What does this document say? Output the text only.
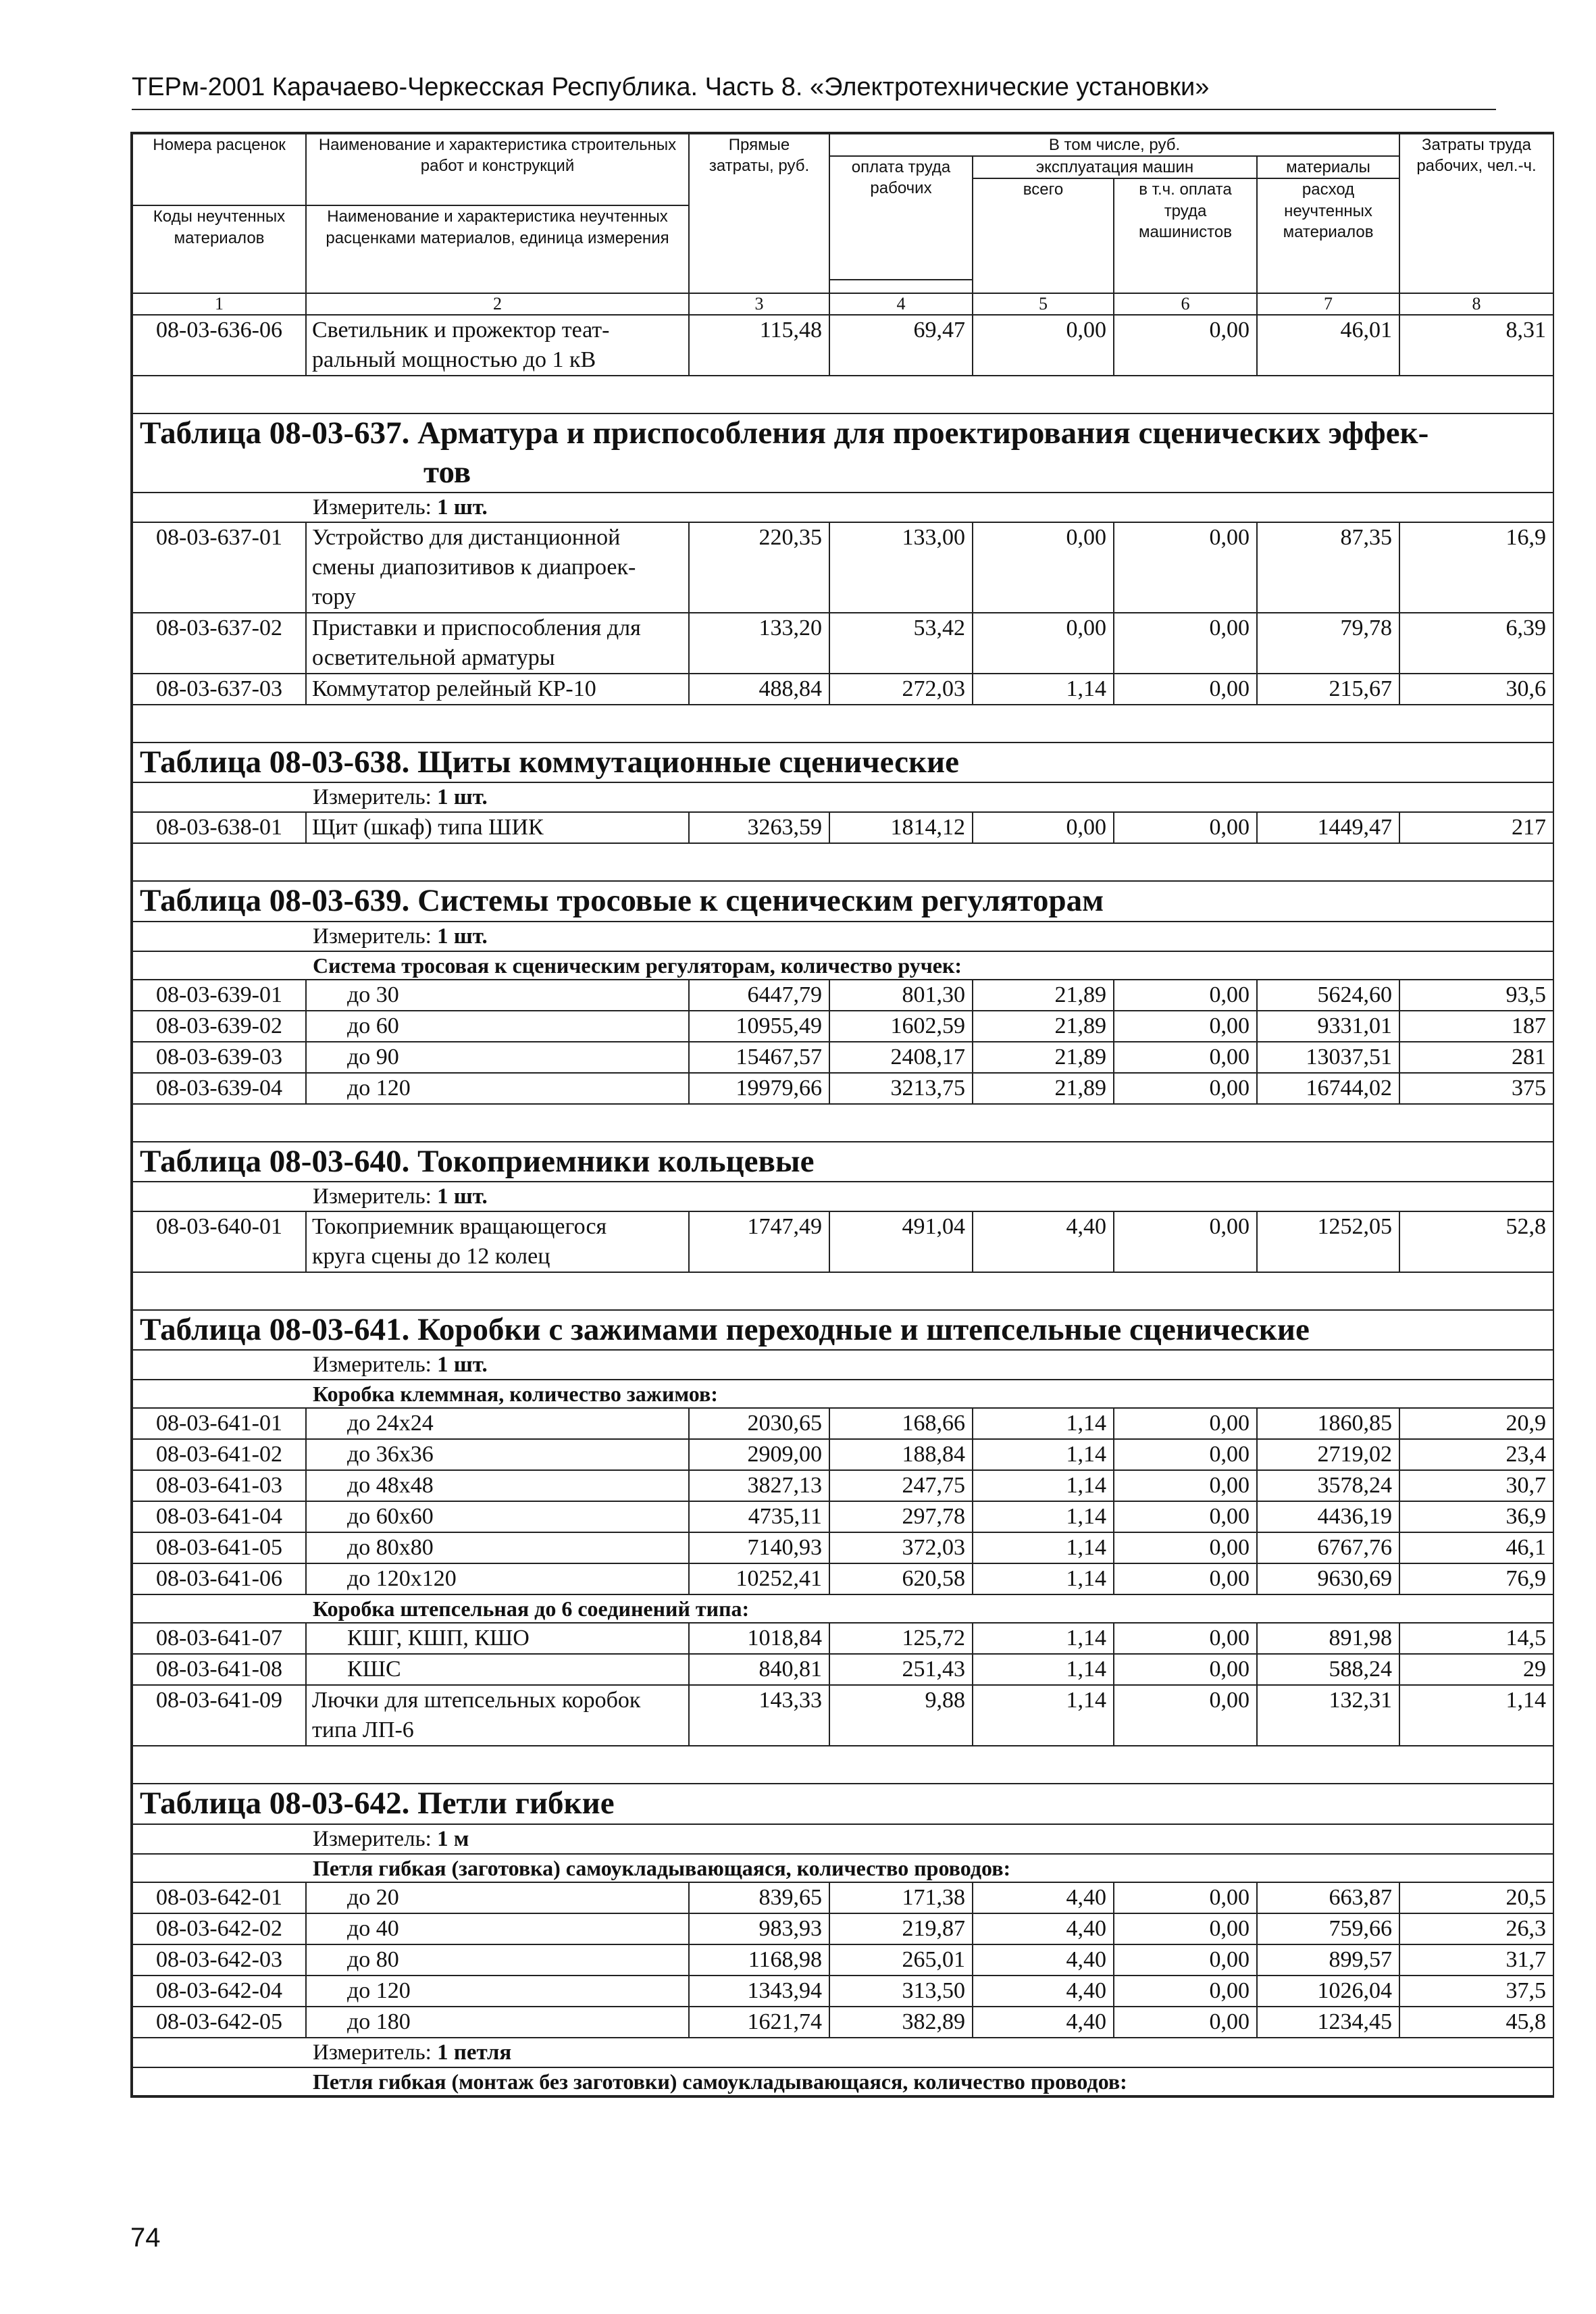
ТЕРм-2001 Карачаево-Черкесская Республика. Часть 8. «Электротехнические установки»
Номера расценок	Наименование и характеристика строительных работ и конструкций	Прямые затраты, руб.	В том числе, руб.				Затраты труда рабочих, чел.-ч.
			оплата труда рабочих	эксплуатация машин		материалы	
				всего	в т.ч. оплата труда машинистов	расход неучтенных материалов	
Коды неучтенных материалов	Наименование и характеристика неучтенных расценками материалов, единица измерения						

1	2	3	4	5	6	7	8
08-03-636-06	Светильник и прожектор теат-
ральный мощностью до 1 кВ	115,48	69,47	0,00	0,00	46,01	8,31

Таблица 08-03-637. Арматура и приспособления для проектирования сценических эффек-
тов							

	Измеритель: 1 шт.						
08-03-637-01	Устройство для дистанционной
смены диапозитивов к диапроек-
тору	220,35	133,00	0,00	0,00	87,35	16,9
08-03-637-02	Приставки и приспособления для
осветительной арматуры	133,20	53,42	0,00	0,00	79,78	6,39
08-03-637-03	Коммутатор релейный КР-10	488,84	272,03	1,14	0,00	215,67	30,6

Таблица 08-03-638. Щиты коммутационные сценические							

	Измеритель: 1 шт.						
08-03-638-01	Щит (шкаф) типа ШИК	3263,59	1814,12	0,00	0,00	1449,47	217

Таблица 08-03-639. Системы тросовые к сценическим регуляторам							

	Измеритель: 1 шт.						
	Система тросовая к сценическим регуляторам, количество ручек:						
08-03-639-01	до 30	6447,79	801,30	21,89	0,00	5624,60	93,5
08-03-639-02	до 60	10955,49	1602,59	21,89	0,00	9331,01	187
08-03-639-03	до 90	15467,57	2408,17	21,89	0,00	13037,51	281
08-03-639-04	до 120	19979,66	3213,75	21,89	0,00	16744,02	375

Таблица 08-03-640. Токоприемники кольцевые							

	Измеритель: 1 шт.						
08-03-640-01	Токоприемник вращающегося
круга сцены до 12 колец	1747,49	491,04	4,40	0,00	1252,05	52,8

Таблица 08-03-641. Коробки с зажимами переходные и штепсельные сценические							

	Измеритель: 1 шт.						
	Коробка клеммная, количество зажимов:						
08-03-641-01	до 24х24	2030,65	168,66	1,14	0,00	1860,85	20,9
08-03-641-02	до 36х36	2909,00	188,84	1,14	0,00	2719,02	23,4
08-03-641-03	до 48х48	3827,13	247,75	1,14	0,00	3578,24	30,7
08-03-641-04	до 60х60	4735,11	297,78	1,14	0,00	4436,19	36,9
08-03-641-05	до 80х80	7140,93	372,03	1,14	0,00	6767,76	46,1
08-03-641-06	до 120х120	10252,41	620,58	1,14	0,00	9630,69	76,9
	Коробка штепсельная до 6 соединений типа:						
08-03-641-07	КШГ, КШП, КШО	1018,84	125,72	1,14	0,00	891,98	14,5
08-03-641-08	КШС	840,81	251,43	1,14	0,00	588,24	29
08-03-641-09	Лючки для штепсельных коробок
типа ЛП-6	143,33	9,88	1,14	0,00	132,31	1,14

Таблица 08-03-642. Петли гибкие							

	Измеритель: 1 м						
	Петля гибкая (заготовка) самоукладывающаяся, количество проводов:						
08-03-642-01	до 20	839,65	171,38	4,40	0,00	663,87	20,5
08-03-642-02	до 40	983,93	219,87	4,40	0,00	759,66	26,3
08-03-642-03	до 80	1168,98	265,01	4,40	0,00	899,57	31,7
08-03-642-04	до 120	1343,94	313,50	4,40	0,00	1026,04	37,5
08-03-642-05	до 180	1621,74	382,89	4,40	0,00	1234,45	45,8
	Измеритель: 1 петля						
	Петля гибкая (монтаж без заготовки) самоукладывающаяся, количество проводов:						
74
